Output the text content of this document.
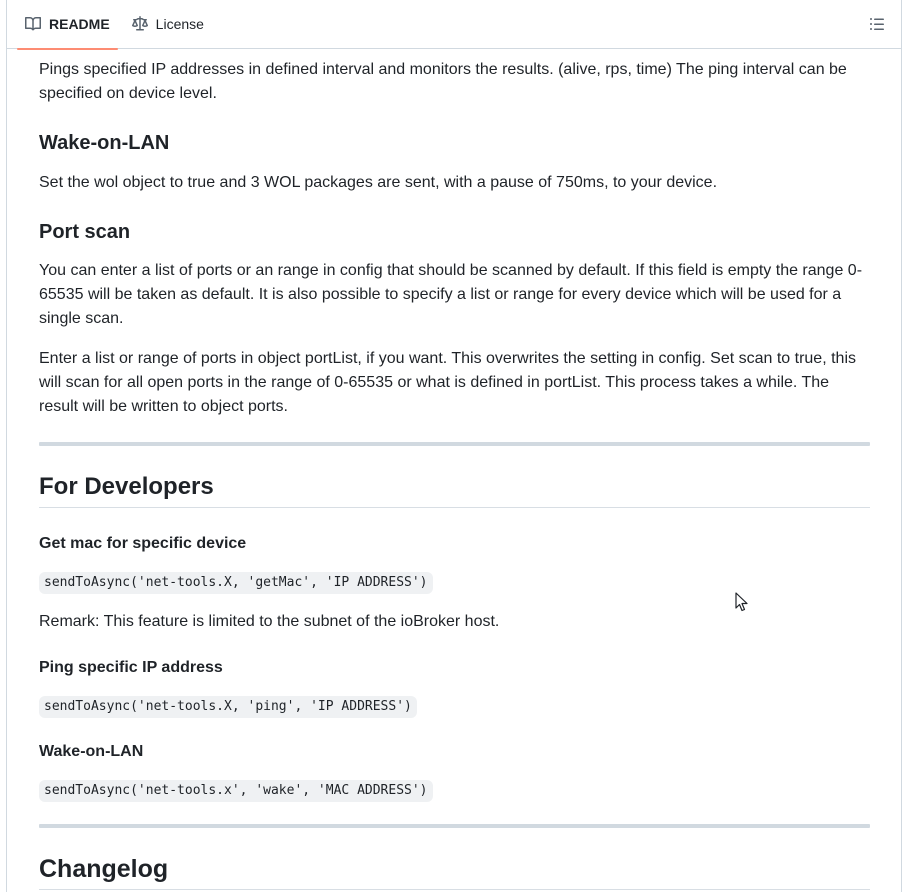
README	License

Pings specified IP addresses in defined interval and monitors the results. (alive, rps, time) The ping interval can be specified on device level.

Wake-on-LAN

Set the wol object to true and 3 WOL packages are sent, with a pause of 750ms, to your device.

Port scan

You can enter a list of ports or an range in config that should be scanned by default. If this field is empty the range 0-65535 will be taken as default. It is also possible to specify a list or range for every device which will be used for a single scan.

Enter a list or range of ports in object portList, if you want. This overwrites the setting in config. Set scan to true, this will scan for all open ports in the range of 0-65535 or what is defined in portList. This process takes a while. The result will be written to object ports.

For Developers
Get mac for specific device
sendToAsync('net-tools.X, 'getMac', 'IP ADDRESS')

Remark: This feature is limited to the subnet of the ioBroker host.

Ping specific IP address
sendToAsync('net-tools.X, 'ping', 'IP ADDRESS')
Wake-on-LAN
sendToAsync('net-tools.x', 'wake', 'MAC ADDRESS')
Changelog
